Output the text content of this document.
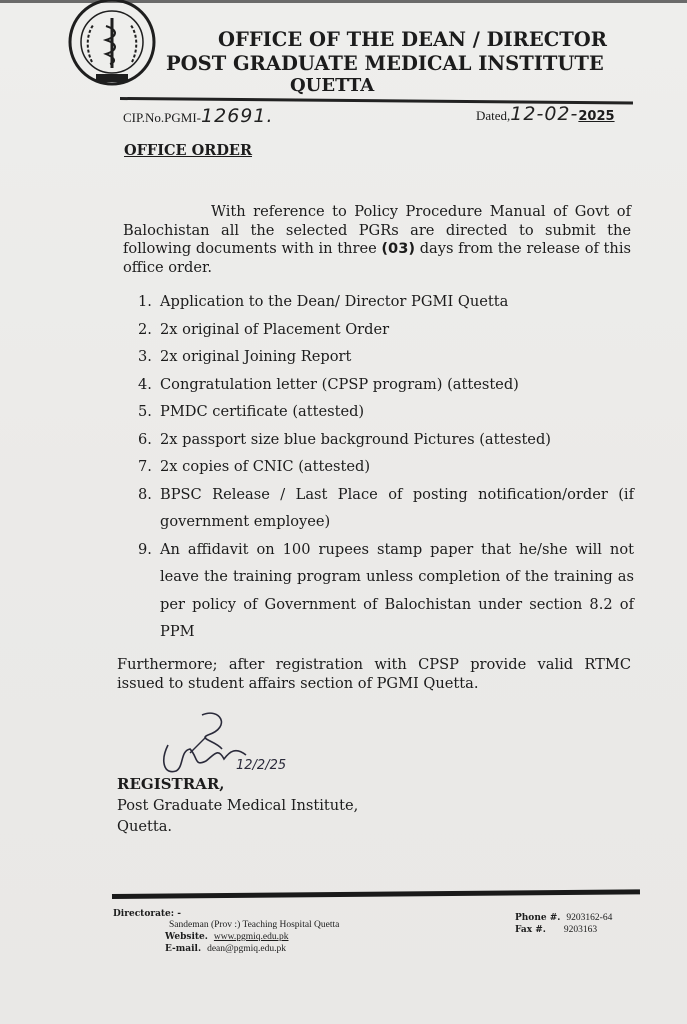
OFFICE OF THE DEAN / DIRECTOR
POST GRADUATE MEDICAL INSTITUTE
QUETTA
CIP.No.PGMI-12691.	Dated,12-02-2025
OFFICE ORDER
With reference to Policy Procedure Manual of Govt of Balochistan all the selected PGRs are directed to submit the following documents with in three (03) days from the release of this office order.
1. Application to the Dean/ Director PGMI Quetta
2. 2x original of Placement Order
3. 2x original Joining Report
4. Congratulation letter (CPSP program) (attested)
5. PMDC certificate (attested)
6. 2x passport size blue background Pictures (attested)
7. 2x copies of CNIC (attested)
8. BPSC Release / Last Place of posting notification/order (if government employee)
9. An affidavit on 100 rupees stamp paper that he/she will not leave the training program unless completion of the training as per policy of Government of Balochistan under section 8.2 of PPM
Furthermore; after registration with CPSP provide valid RTMC issued to student affairs section of PGMI Quetta.
12/2/25
REGISTRAR,
Post Graduate Medical Institute,
Quetta.
Directorate: -
Sandeman (Prov :) Teaching Hospital Quetta
Website. www.pgmiq.edu.pk
E-mail. dean@pgmiq.edu.pk
Phone #. 9203162-64
Fax #. 9203163
